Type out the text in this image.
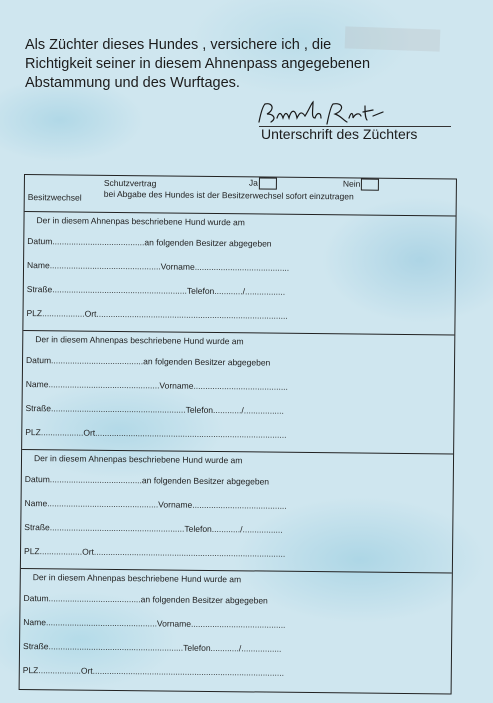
Als Züchter dieses Hundes , versichere ich , die
Richtigkeit seiner in diesem Ahnenpass angegebenen
Abstammung und des Wurftages.
Unterschrift des Züchters
Besitzwechsel
Schutzvertrag	Ja	Nein
bei Abgabe des Hundes ist der Besitzerwechsel sofort einzutragen
Der in diesem Ahnenpas beschriebene Hund wurde am
Datum.......................................an folgenden Besitzer abgegeben
Name...............................................Vorname........................................
Straße.........................................................Telefon............/.................
PLZ..................Ort.................................................................................
Der in diesem Ahnenpas beschriebene Hund wurde am
Datum.......................................an folgenden Besitzer abgegeben
Name...............................................Vorname........................................
Straße.........................................................Telefon............/.................
PLZ..................Ort.................................................................................
Der in diesem Ahnenpas beschriebene Hund wurde am
Datum.......................................an folgenden Besitzer abgegeben
Name...............................................Vorname........................................
Straße.........................................................Telefon............/.................
PLZ..................Ort.................................................................................
Der in diesem Ahnenpas beschriebene Hund wurde am
Datum.......................................an folgenden Besitzer abgegeben
Name...............................................Vorname........................................
Straße.........................................................Telefon............/.................
PLZ..................Ort.................................................................................
